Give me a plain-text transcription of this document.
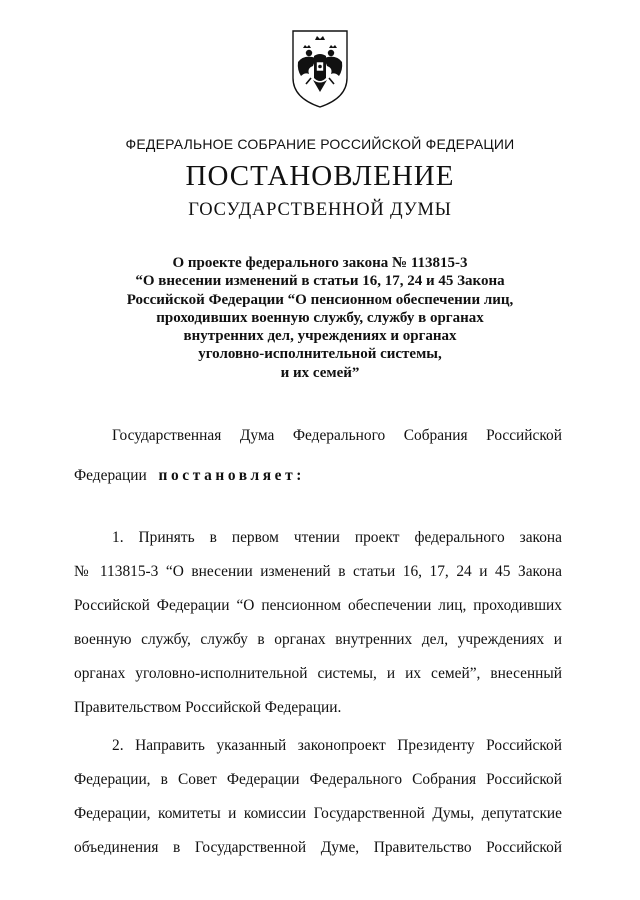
ФЕДЕРАЛЬНОЕ СОБРАНИЕ РОССИЙСКОЙ ФЕДЕРАЦИИ
ПОСТАНОВЛЕНИЕ
ГОСУДАРСТВЕННОЙ ДУМЫ
О проекте федерального закона № 113815-3
“О внесении изменений в статьи 16, 17, 24 и 45 Закона
Российской Федерации “О пенсионном обеспечении лиц,
проходивших военную службу, службу в органах
внутренних дел, учреждениях и органах
уголовно-исполнительной системы,
и их семей”
Государственная Дума Федерального Собрания Российской
Федерации постановляет:
1. Принять в первом чтении проект федерального закона
№ 113815-3 “О внесении изменений в статьи 16, 17, 24 и 45 Закона
Российской Федерации “О пенсионном обеспечении лиц, проходивших
военную службу, службу в органах внутренних дел, учреждениях и
органах уголовно-исполнительной системы, и их семей”, внесенный
Правительством Российской Федерации.
2. Направить указанный законопроект Президенту Российской
Федерации, в Совет Федерации Федерального Собрания Российской
Федерации, комитеты и комиссии Государственной Думы, депутатские
объединения в Государственной Думе, Правительство Российской
